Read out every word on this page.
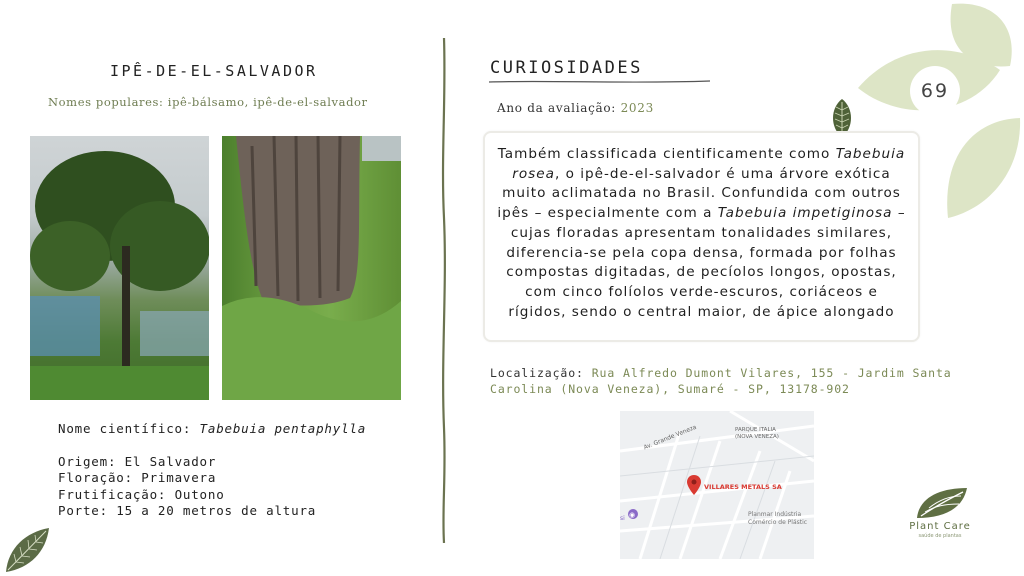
69
IPÊ-DE-EL-SALVADOR
Nomes populares: ipê-bálsamo, ipê-de-el-salvador
Nome científico: Tabebuia pentaphylla
Origem: El Salvador
Floração: Primavera
Frutificação: Outono
Porte: 15 a 20 metros de altura
CURIOSIDADES
Ano da avaliação: 2023
Também classificada cientificamente como Tabebuia rosea, o ipê-de-el-salvador é uma árvore exótica muito aclimatada no Brasil. Confundida com outros ipês – especialmente com a Tabebuia impetiginosa – cujas floradas apresentam tonalidades similares, diferencia-se pela copa densa, formada por folhas compostas digitadas, de pecíolos longos, opostas, com cinco folíolos verde-escuros, coriáceos e rígidos, sendo o central maior, de ápice alongado
Localização: Rua Alfredo Dumont Vilares, 155 - Jardim Santa Carolina (Nova Veneza), Sumaré - SP, 13178-902
◉
Av. Grande Veneza	PARQUE ITALIA
(NOVA VENEZA)
VILLARES METALS SA
Planmar Indústria
Comércio de Plástic
si
Plant Care
saúde de plantas
